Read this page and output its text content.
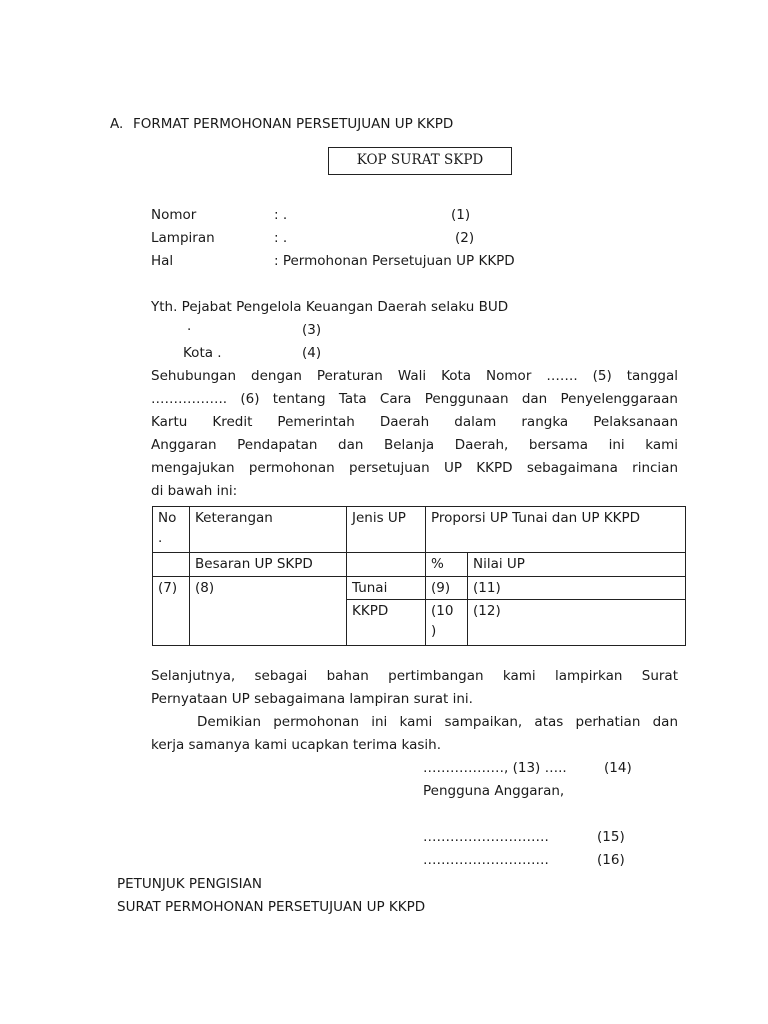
A. FORMAT PERMOHONAN PERSETUJUAN UP KKPD
KOP SURAT SKPD
Nomor	: .	(1)
Lampiran	: .	(2)
Hal	: Permohonan Persetujuan UP KKPD
Yth. Pejabat Pengelola Keuangan Daerah selaku BUD
·	(3)
Kota .	(4)
Sehubungan dengan Peraturan Wali Kota Nomor ……. (5) tanggal
…………….. (6) tentang Tata Cara Penggunaan dan Penyelenggaraan
Kartu Kredit Pemerintah Daerah dalam rangka Pelaksanaan
Anggaran Pendapatan dan Belanja Daerah, bersama ini kami
mengajukan permohonan persetujuan UP KKPD sebagaimana rincian
di bawah ini:
No
.	Keterangan	Jenis UP	Proporsi UP Tunai dan UP KKPD	
	Besaran UP SKPD		%	Nilai UP
(7)	(8)	Tunai	(9)	(11)
		KKPD	(10
)	(12)
Selanjutnya, sebagai bahan pertimbangan kami lampirkan Surat
Pernyataan UP sebagaimana lampiran surat ini.
Demikian permohonan ini kami sampaikan, atas perhatian dan
kerja samanya kami ucapkan terima kasih.
………………, (13) …..	(14)
Pengguna Anggaran,
……………………….	(15)
……………………….	(16)
PETUNJUK PENGISIAN
SURAT PERMOHONAN PERSETUJUAN UP KKPD
